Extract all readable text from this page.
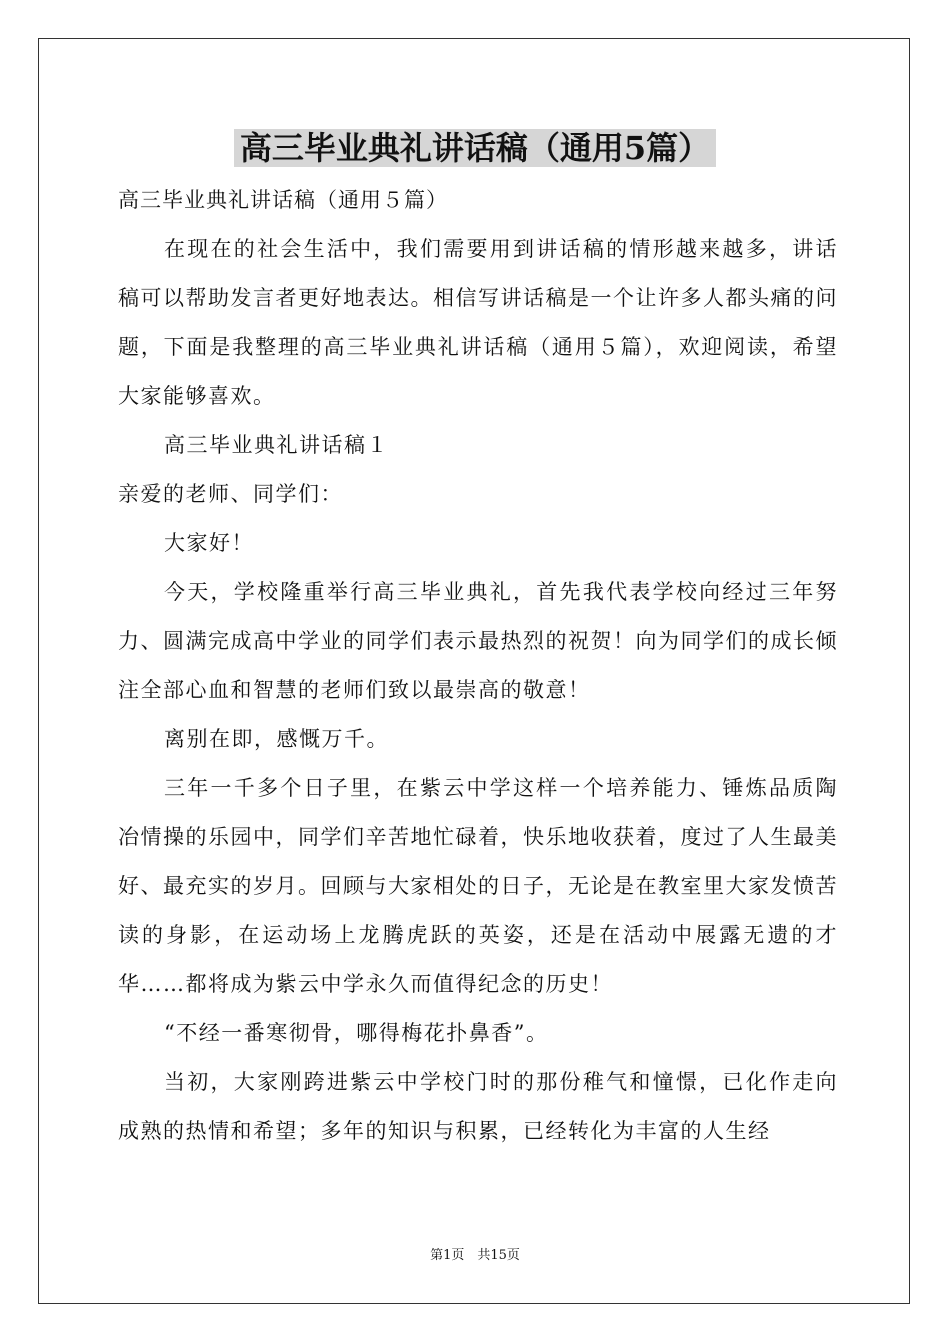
高三毕业典礼讲话稿（通用5篇）

高三毕业典礼讲话稿（通用５篇）

在现在的社会生活中，我们需要用到讲话稿的情形越来越多，讲话稿可以帮助发言者更好地表达。相信写讲话稿是一个让许多人都头痛的问题，下面是我整理的高三毕业典礼讲话稿（通用５篇），欢迎阅读，希望大家能够喜欢。

高三毕业典礼讲话稿１

亲爱的老师、同学们：

大家好！

今天，学校隆重举行高三毕业典礼，首先我代表学校向经过三年努力、圆满完成高中学业的同学们表示最热烈的祝贺！向为同学们的成长倾注全部心血和智慧的老师们致以最崇高的敬意！

离别在即，感慨万千。

三年一千多个日子里，在紫云中学这样一个培养能力、锤炼品质陶冶情操的乐园中，同学们辛苦地忙碌着，快乐地收获着，度过了人生最美好、最充实的岁月。回顾与大家相处的日子，无论是在教室里大家发愤苦读的身影，在运动场上龙腾虎跃的英姿，还是在活动中展露无遗的才华……都将成为紫云中学永久而值得纪念的历史！

“不经一番寒彻骨，哪得梅花扑鼻香”。

当初，大家刚跨进紫云中学校门时的那份稚气和憧憬，已化作走向成熟的热情和希望；多年的知识与积累，已经转化为丰富的人生经

第1页　共15页
